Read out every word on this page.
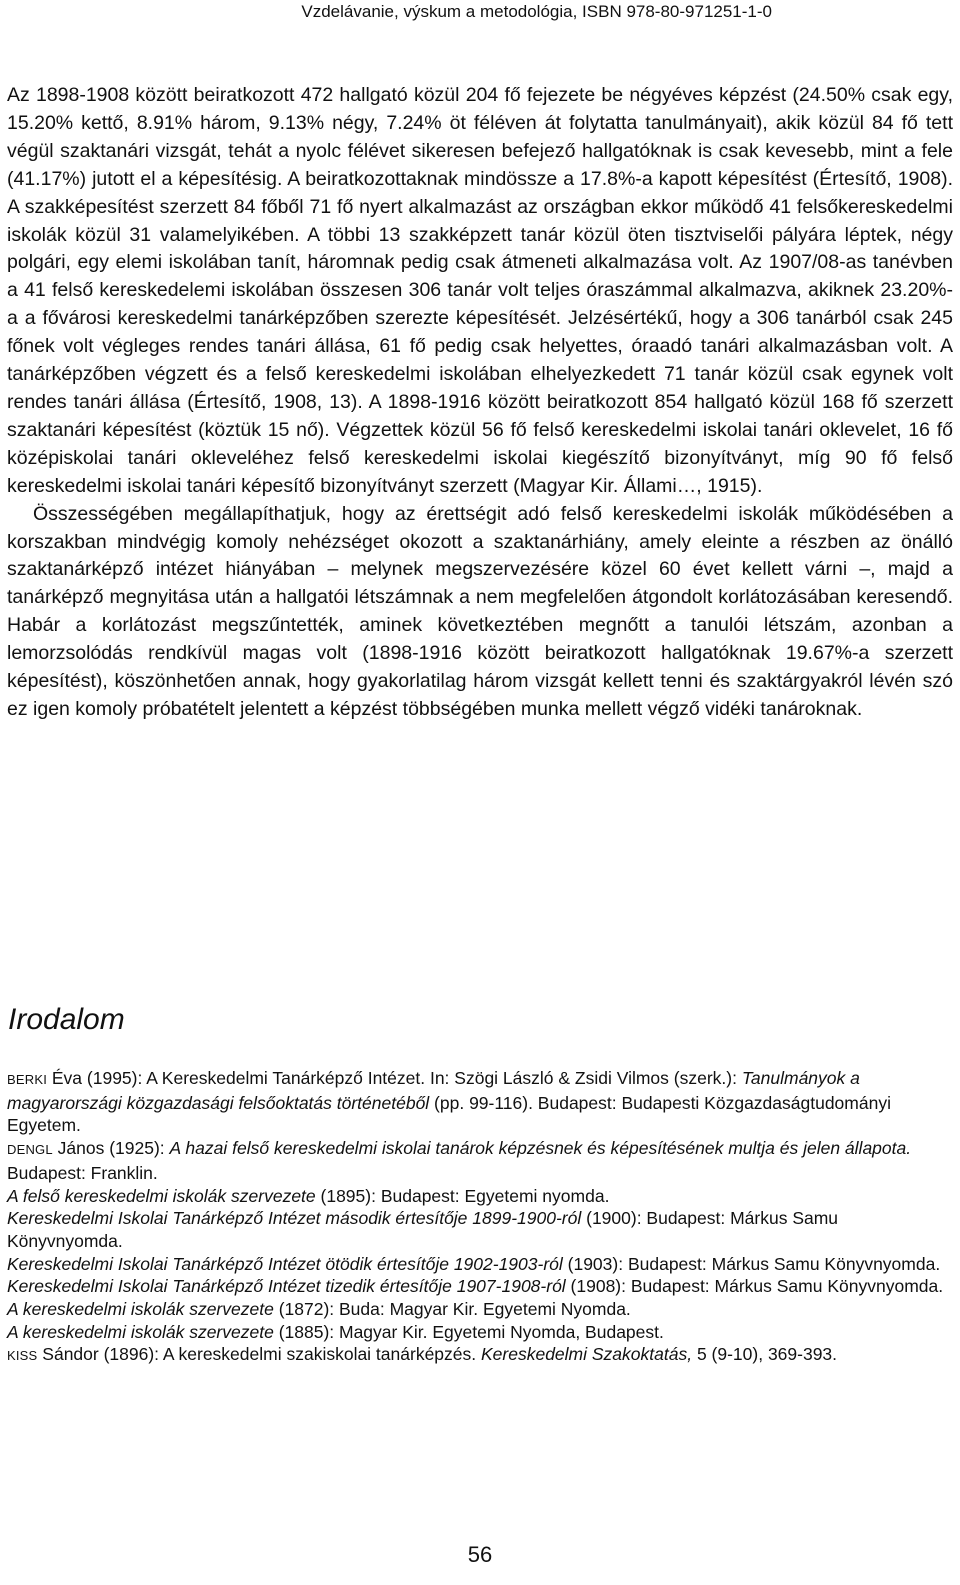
Vzdelávanie, výskum a metodológia, ISBN 978-80-971251-1-0

Az 1898-1908 között beiratkozott 472 hallgató közül 204 fő fejezete be négyéves képzést (24.50% csak egy, 15.20% kettő, 8.91% három, 9.13% négy, 7.24% öt féléven át folytatta tanulmányait), akik közül 84 fő tett végül szaktanári vizsgát, tehát a nyolc félévet sikeresen befejező hallgatóknak is csak kevesebb, mint a fele (41.17%) jutott el a képesítésig. A beiratkozottaknak mindössze a 17.8%-a kapott képesítést (Értesítő, 1908). A szakképesítést szerzett 84 főből 71 fő nyert alkalmazást az országban ekkor működő 41 felsőkereskedelmi iskolák közül 31 valamelyikében. A többi 13 szakképzett tanár közül öten tisztviselői pályára léptek, négy polgári, egy elemi iskolában tanít, háromnak pedig csak átmeneti alkalmazása volt. Az 1907/08-as tanévben a 41 felső kereskedelemi iskolában összesen 306 tanár volt teljes óraszámmal alkalmazva, akiknek 23.20%-a a fővárosi kereskedelmi tanárképzőben szerezte képesítését. Jelzésértékű, hogy a 306 tanárból csak 245 főnek volt végleges rendes tanári állása, 61 fő pedig csak helyettes, óraadó tanári alkalmazásban volt. A tanárképzőben végzett és a felső kereskedelmi iskolában elhelyezkedett 71 tanár közül csak egynek volt rendes tanári állása (Értesítő, 1908, 13). A 1898-1916 között beiratkozott 854 hallgató közül 168 fő szerzett szaktanári képesítést (köztük 15 nő). Végzettek közül 56 fő felső kereskedelmi iskolai tanári oklevelet, 16 fő középiskolai tanári okleveléhez felső kereskedelmi iskolai kiegészítő bizonyítványt, míg 90 fő felső kereskedelmi iskolai tanári képesítő bizonyítványt szerzett (Magyar Kir. Állami…, 1915).

Összességében megállapíthatjuk, hogy az érettségit adó felső kereskedelmi iskolák működésében a korszakban mindvégig komoly nehézséget okozott a szaktanárhiány, amely eleinte a részben az önálló szaktanárképző intézet hiányában – melynek megszervezésére közel 60 évet kellett várni –, majd a tanárképző megnyitása után a hallgatói létszámnak a nem megfelelően átgondolt korlátozásában keresendő. Habár a korlátozást megszűntették, aminek következtében megnőtt a tanulói létszám, azonban a lemorzsolódás rendkívül magas volt (1898-1916 között beiratkozott hallgatóknak 19.67%-a szerzett képesítést), köszönhetően annak, hogy gyakorlatilag három vizsgát kellett tenni és szaktárgyakról lévén szó ez igen komoly próbatételt jelentett a képzést többségében munka mellett végző vidéki tanároknak.

Irodalom

BERKI Éva (1995): A Kereskedelmi Tanárképző Intézet. In: Szögi László & Zsidi Vilmos (szerk.): Tanulmányok a magyarországi közgazdasági felsőoktatás történetéből (pp. 99-116). Budapest: Budapesti Közgazdaságtudományi Egyetem.

DENGL János (1925): A hazai felső kereskedelmi iskolai tanárok képzésnek és képesítésének multja és jelen állapota. Budapest: Franklin.

A felső kereskedelmi iskolák szervezete (1895): Budapest: Egyetemi nyomda.

Kereskedelmi Iskolai Tanárképző Intézet második értesítője 1899-1900-ról (1900): Budapest: Márkus Samu Könyvnyomda.

Kereskedelmi Iskolai Tanárképző Intézet ötödik értesítője 1902-1903-ról (1903): Budapest: Márkus Samu Könyvnyomda.

Kereskedelmi Iskolai Tanárképző Intézet tizedik értesítője 1907-1908-ról (1908): Budapest: Márkus Samu Könyvnyomda.

A kereskedelmi iskolák szervezete (1872): Buda: Magyar Kir. Egyetemi Nyomda.

A kereskedelmi iskolák szervezete (1885): Magyar Kir. Egyetemi Nyomda, Budapest.

KISS Sándor (1896): A kereskedelmi szakiskolai tanárképzés. Kereskedelmi Szakoktatás, 5 (9-10), 369-393.

56
